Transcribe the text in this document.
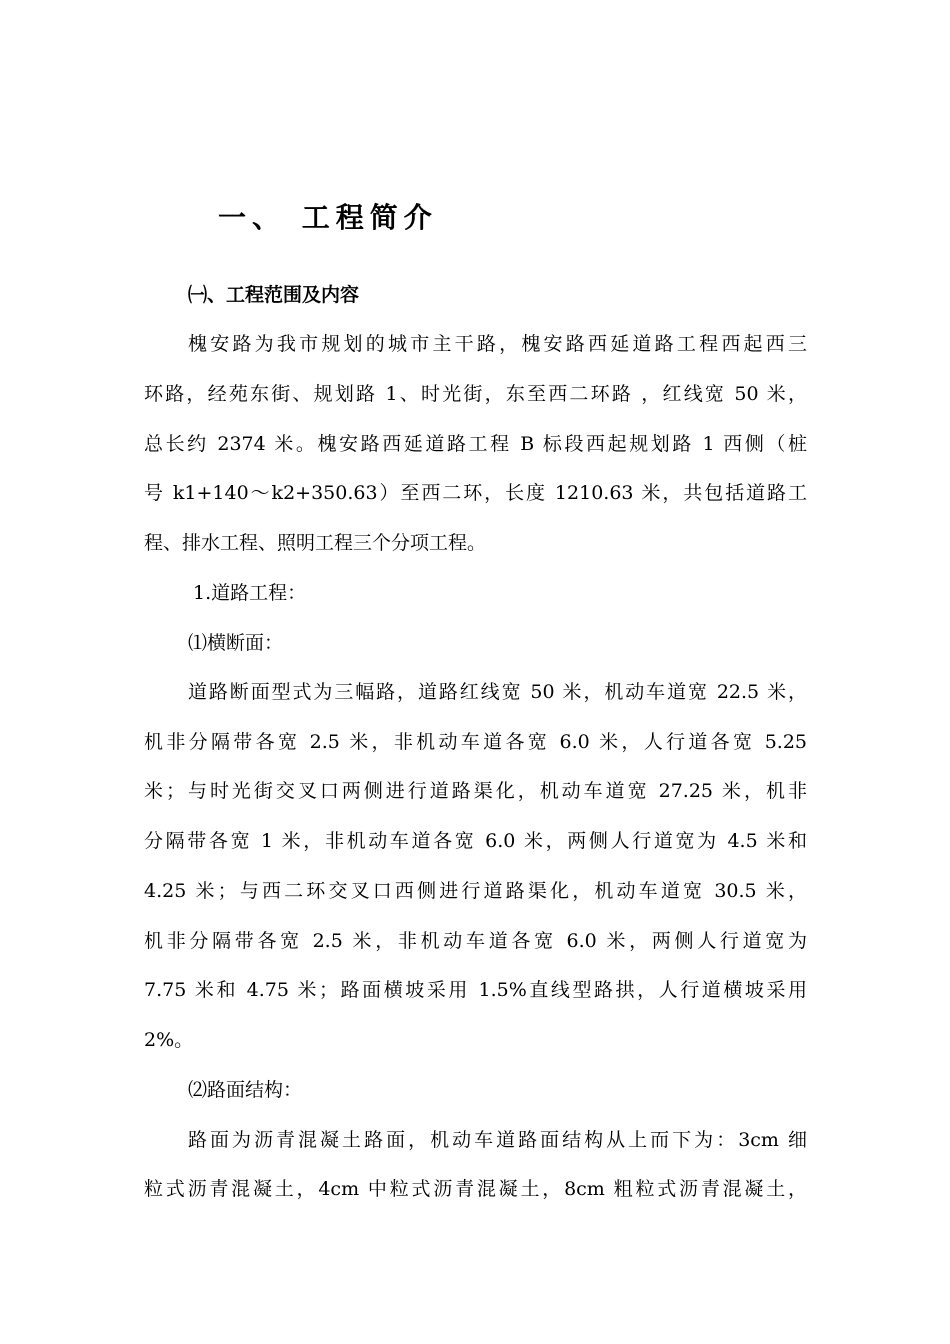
一、 工程简介
㈠、工程范围及内容

槐安路为我市规划的城市主干路，槐安路西延道路工程西起西三

环路，经苑东街、规划路 1、时光街，东至西二环路 ，红线宽 50 米，

总长约 2374 米。槐安路西延道路工程 B 标段西起规划路 1 西侧（桩

号 k1+140～k2+350.63）至西二环，长度 1210.63 米，共包括道路工

程、排水工程、照明工程三个分项工程。

1.道路工程：

⑴横断面：

道路断面型式为三幅路，道路红线宽 50 米，机动车道宽 22.5 米，

机非分隔带各宽 2.5 米，非机动车道各宽 6.0 米，人行道各宽 5.25

米；与时光街交叉口两侧进行道路渠化，机动车道宽 27.25 米，机非

分隔带各宽 1 米，非机动车道各宽 6.0 米，两侧人行道宽为 4.5 米和

4.25 米；与西二环交叉口西侧进行道路渠化，机动车道宽 30.5 米，

机非分隔带各宽 2.5 米，非机动车道各宽 6.0 米，两侧人行道宽为

7.75 米和 4.75 米；路面横坡采用 1.5%直线型路拱，人行道横坡采用

2%。

⑵路面结构：

路面为沥青混凝土路面，机动车道路面结构从上而下为：3cm 细

粒式沥青混凝土，4cm 中粒式沥青混凝土，8cm 粗粒式沥青混凝土，
